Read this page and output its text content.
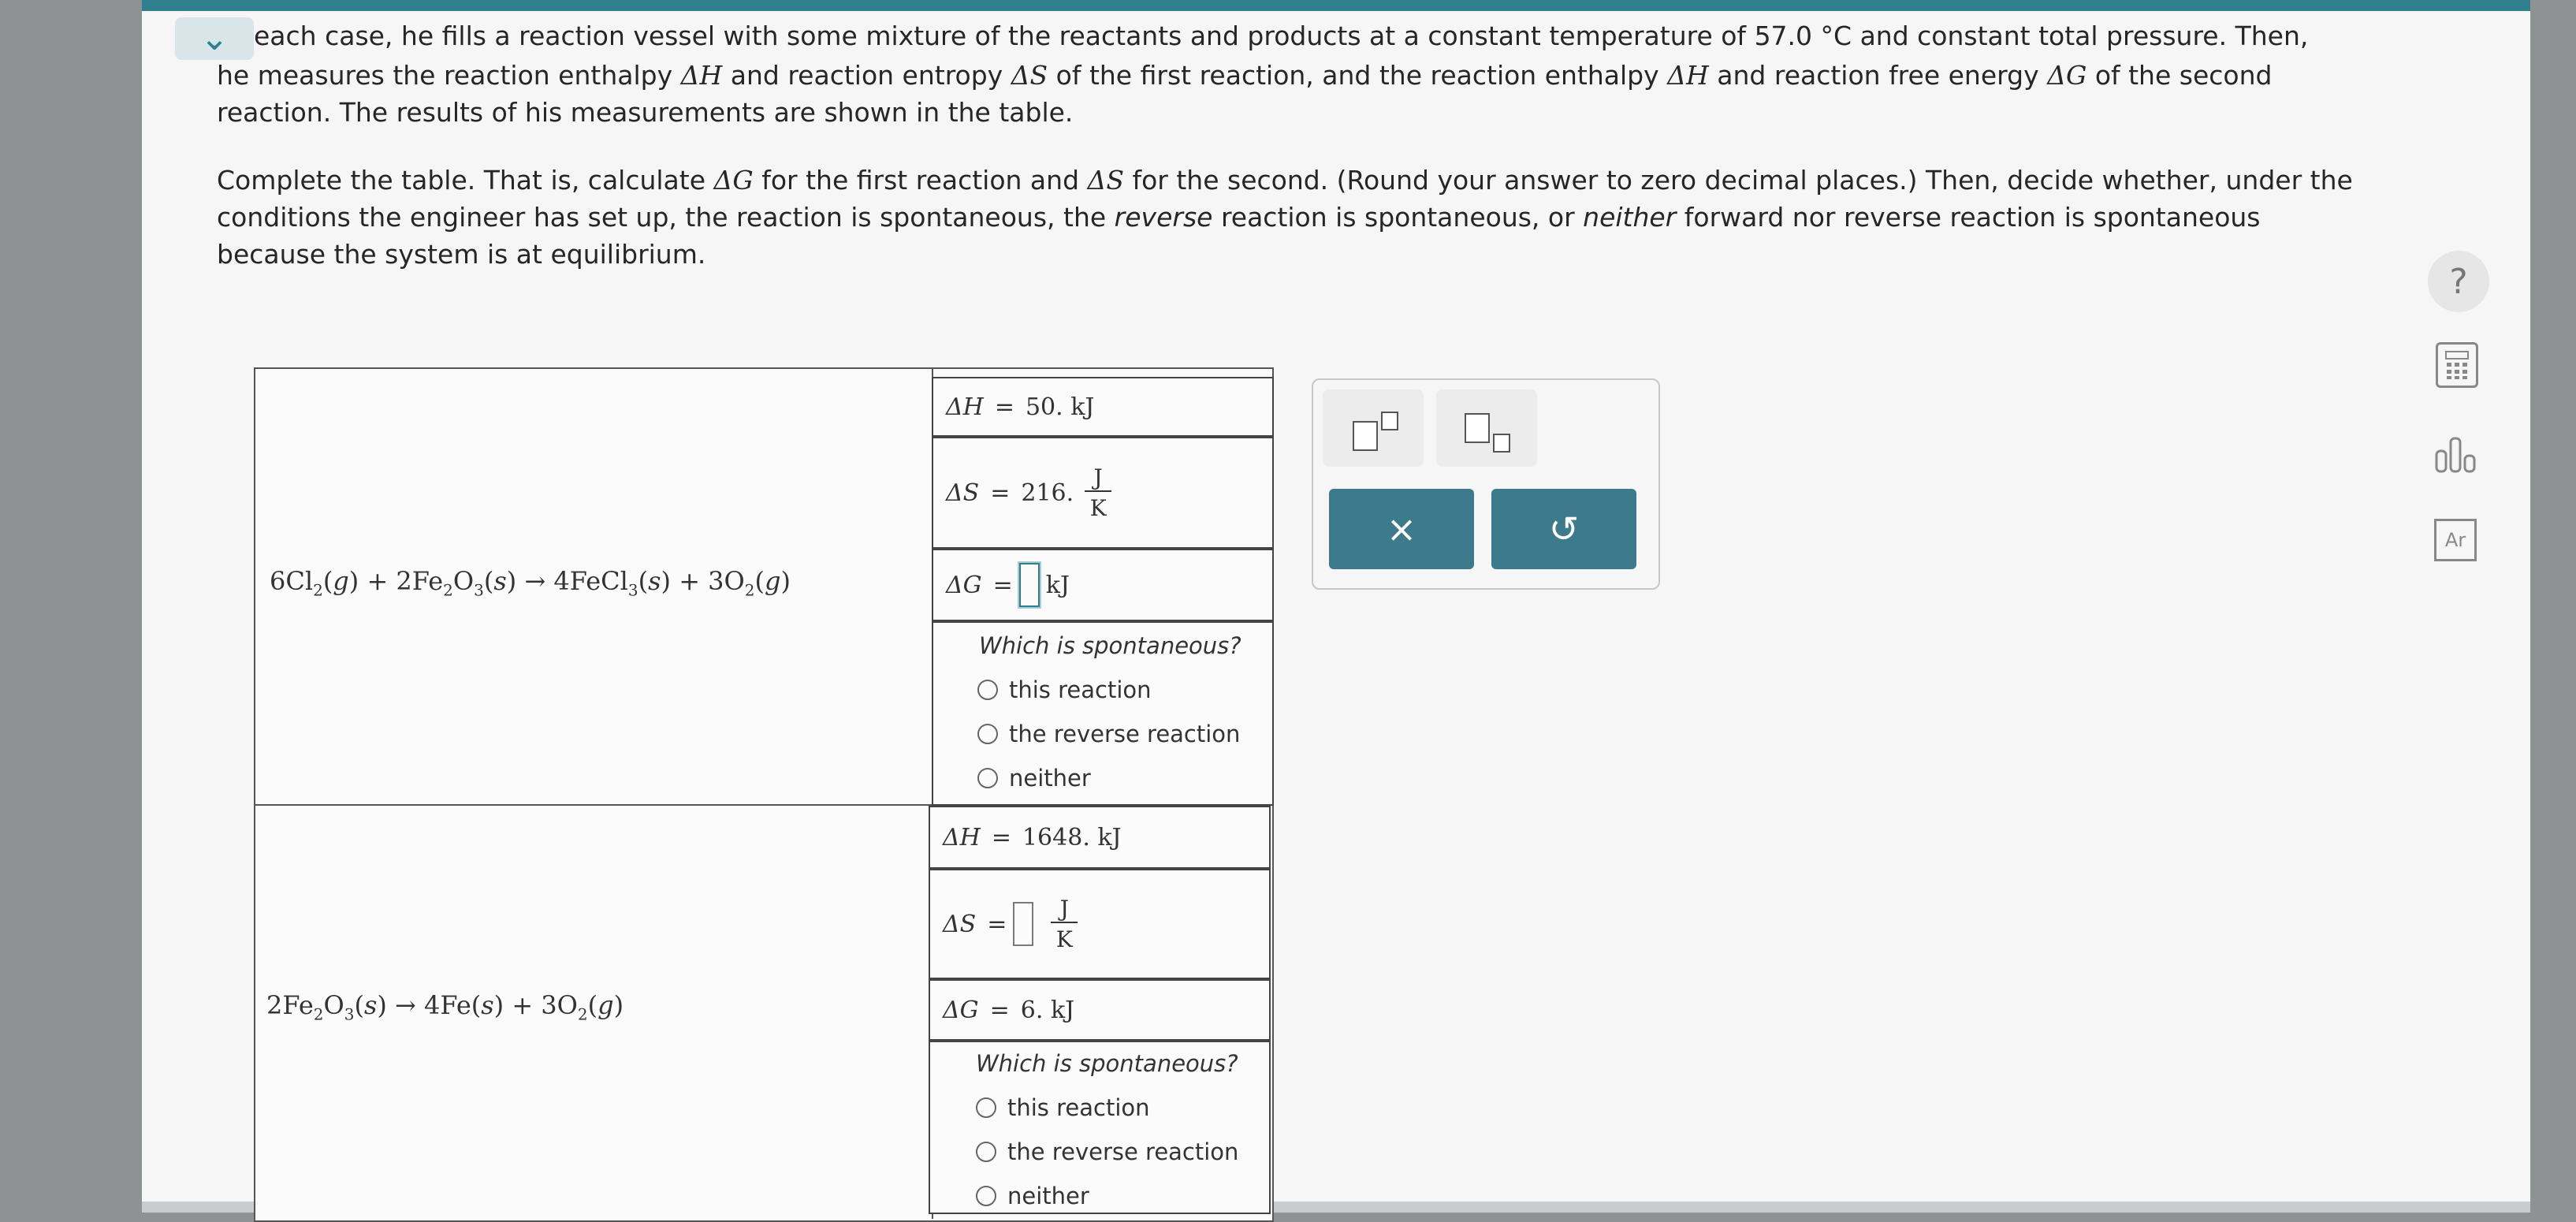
⌄ each case, he fills a reaction vessel with some mixture of the reactants and products at a constant temperature of 57.0 °C and constant total pressure. Then,
he measures the reaction enthalpy ΔH and reaction entropy ΔS of the first reaction, and the reaction enthalpy ΔH and reaction free energy ΔG of the second reaction. The results of his measurements are shown in the table.
Complete the table. That is, calculate ΔG for the first reaction and ΔS for the second. (Round your answer to zero decimal places.) Then, decide whether, under the conditions the engineer has set up, the reaction is spontaneous, the reverse reaction is spontaneous, or neither forward nor reverse reaction is spontaneous because the system is at equilibrium.
$6Cl_2(g) + 2Fe_2O_3(s)$ → 4FeCl$_3$(s) + $3O_2(g)$
ΔH = 50. kJ
ΔS = 216. $\frac{J}{K}$
ΔG = kJ
Which is spontaneous?
this reaction
the reverse reaction
neither
$2Fe_2O_3(s) \to 4Fe(s) + 3O_2(g)$
ΔH = 1648. kJ
$\Delta S = \frac{J}{K}$
ΔG = 6. kJ
Which is spontaneous?
this reaction
the reverse reaction
neither
×	↺
?
Ar
